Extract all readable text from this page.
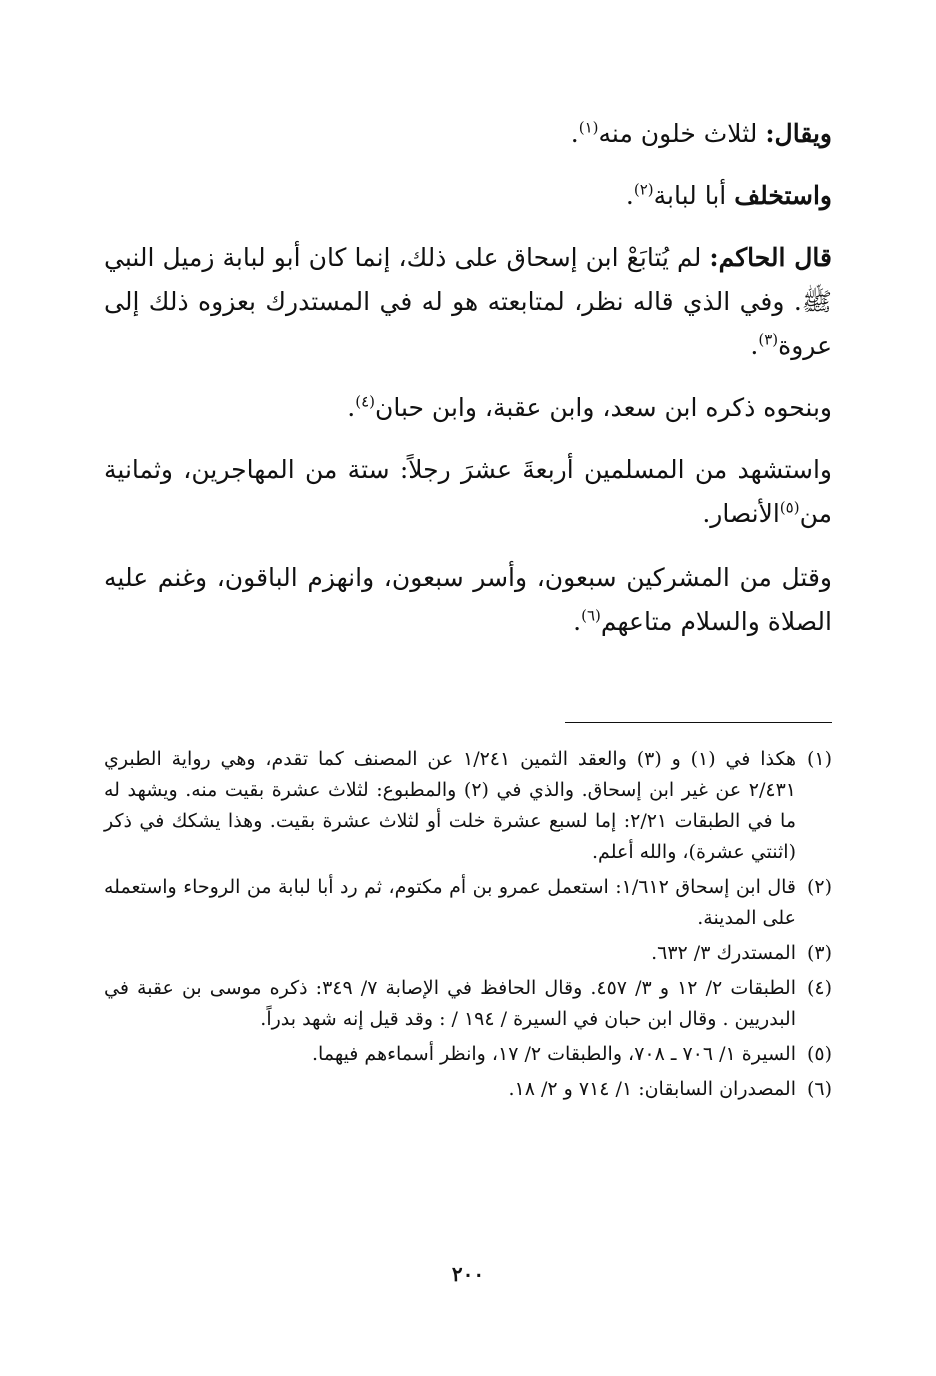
ويقال: لثلاث خلون منه$^{(١)}$.

واستخلف أبا لبابة$^{(٢)}$.

قال الحاكم: لم يُتابَعْ ابن إسحاق على ذلك، إنما كان أبو لبابة زميل النبي ﷺ. وفي الذي قاله نظر، لمتابعته هو له في المستدرك بعزوه ذلك إلى عروة$^{(٣)}$.

وبنحوه ذكره ابن سعد، وابن عقبة، وابن حبان$^{(٤)}$.

واستشهد من المسلمين أربعةَ عشرَ رجلاً: ستة من المهاجرين، وثمانية من$^{(٥)}$الأنصار.

وقتل من المشركين سبعون، وأسر سبعون، وانهزم الباقون، وغنم عليه الصلاة والسلام متاعهم$^{(٦)}$.

(١)
هكذا في (١) و (٣) والعقد الثمين ١/٢٤١ عن المصنف كما تقدم، وهي رواية الطبري ٢/٤٣١ عن غير ابن إسحاق. والذي في (٢) والمطبوع: لثلاث عشرة بقيت منه. ويشهد له ما في الطبقات ٢/٢١: إما لسبع عشرة خلت أو لثلاث عشرة بقيت. وهذا يشكك في ذكر (اثنتي عشرة)، والله أعلم.
(٢)
قال ابن إسحاق ١/٦١٢: استعمل عمرو بن أم مكتوم، ثم رد أبا لبابة من الروحاء واستعمله على المدينة.
(٣)
المستدرك ٣/ ٦٣٢.
(٤)
الطبقات ٢/ ١٢ و ٣/ ٤٥٧. وقال الحافظ في الإصابة ٧/ ٣٤٩: ذكره موسى بن عقبة في البدريين . وقال ابن حبان في السيرة / ١٩٤ / : وقد قيل إنه شهد بدراً.
(٥)
السيرة ١/ ٧٠٦ ـ ٧٠٨، والطبقات ٢/ ١٧، وانظر أسماءهم فيهما.
(٦)
المصدران السابقان: ١/ ٧١٤ و ٢/ ١٨.
٢٠٠
